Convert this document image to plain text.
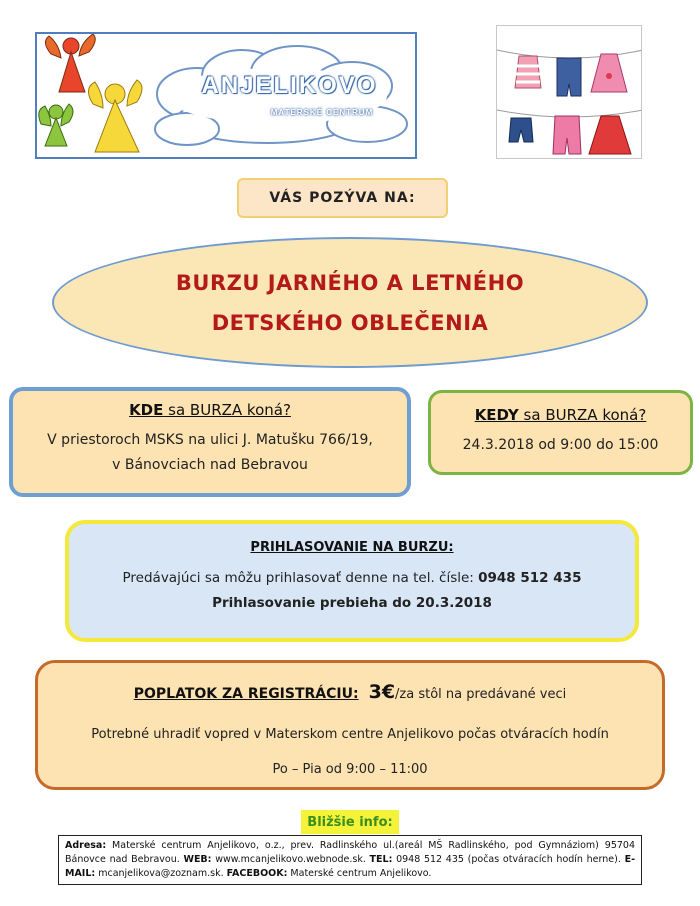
ANJELIKOVO
MATERSKÉ CENTRUM
VÁS POZÝVA NA:
BURZU JARNÉHO A LETNÉHO
DETSKÉHO OBLEČENIA
KDE sa BURZA koná?
V priestoroch MSKS na ulici J. Matušku 766/19,
v Bánovciach nad Bebravou
KEDY sa BURZA koná?
24.3.2018 od 9:00 do 15:00
PRIHLASOVANIE NA BURZU:
Predávajúci sa môžu prihlasovať denne na tel. čísle: 0948 512 435
Prihlasovanie prebieha do 20.3.2018
POPLATOK ZA REGISTRÁCIU: 3€/za stôl na predávané veci
Potrebné uhradiť vopred v Materskom centre Anjelikovo počas otváracích hodín
Po – Pia od 9:00 – 11:00
Bližšie info:
Adresa: Materské centrum Anjelikovo, o.z., prev. Radlinského ul.(areál MŠ Radlinského, pod Gymnáziom) 95704 Bánovce nad Bebravou. WEB: www.mcanjelikovo.webnode.sk. TEL: 0948 512 435 (počas otváracích hodín herne). E-MAIL: mcanjelikova@zoznam.sk. FACEBOOK: Materské centrum Anjelikovo.
